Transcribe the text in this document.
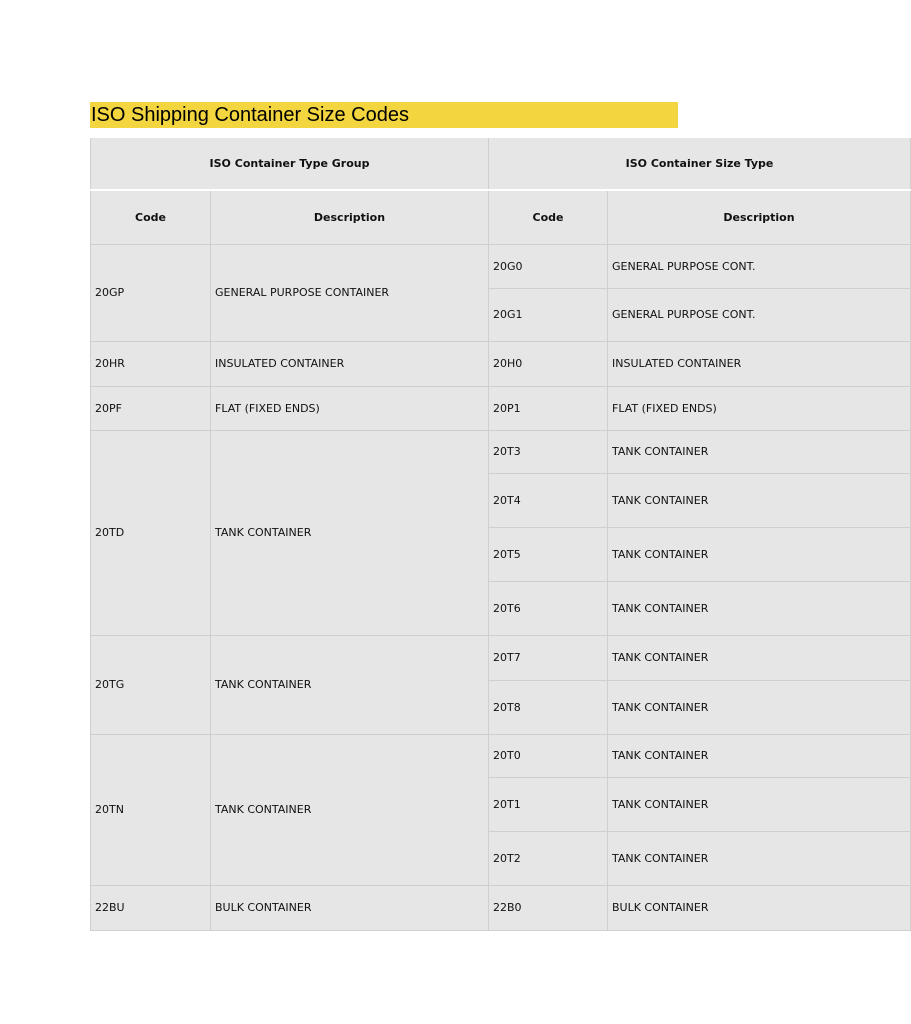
ISO Shipping Container Size Codes
ISO Container Type Group		ISO Container Size Type	
Code	Description	Code	Description
20GP	GENERAL PURPOSE CONTAINER	20G0	GENERAL PURPOSE CONT.
		20G1	GENERAL PURPOSE CONT.
20HR	INSULATED CONTAINER	20H0	INSULATED CONTAINER
20PF	FLAT (FIXED ENDS)	20P1	FLAT (FIXED ENDS)
20TD	TANK CONTAINER	20T3	TANK CONTAINER
		20T4	TANK CONTAINER
		20T5	TANK CONTAINER
		20T6	TANK CONTAINER
20TG	TANK CONTAINER	20T7	TANK CONTAINER
		20T8	TANK CONTAINER
20TN	TANK CONTAINER	20T0	TANK CONTAINER
		20T1	TANK CONTAINER
		20T2	TANK CONTAINER
22BU	BULK CONTAINER	22B0	BULK CONTAINER
